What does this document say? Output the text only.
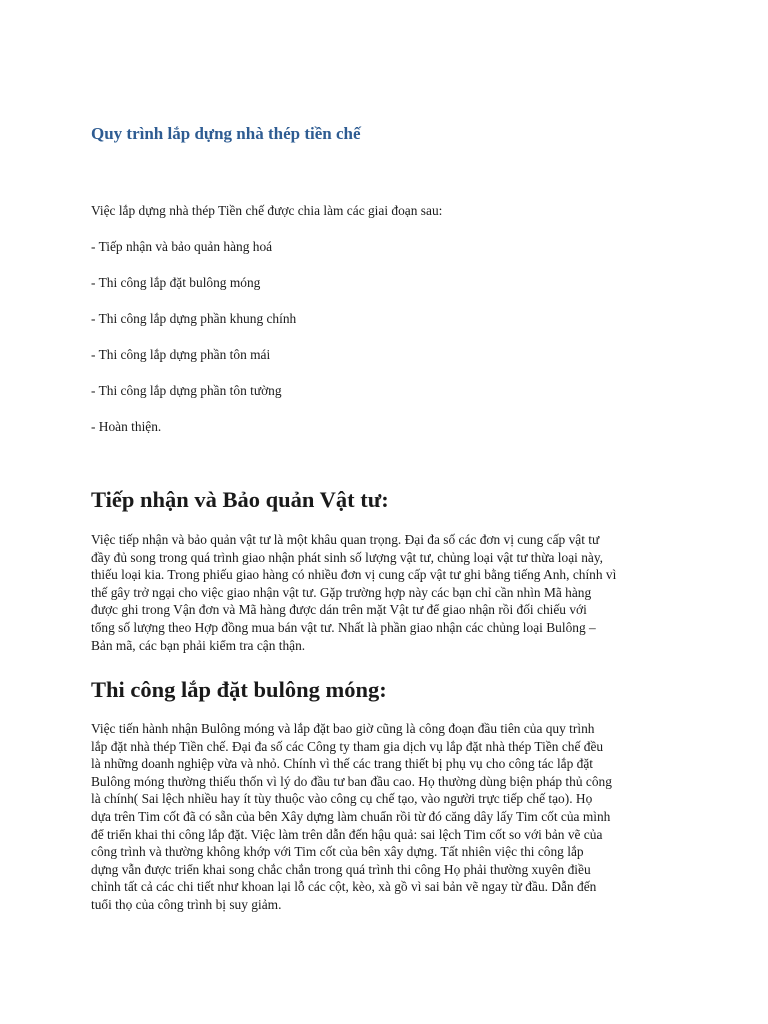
Quy trình lắp dựng nhà thép tiền chế

Việc lắp dựng nhà thép Tiền chế được chia làm các giai đoạn sau:

- Tiếp nhận và bảo quản hàng hoá
- Thi công lắp đặt bulông móng
- Thi công lắp dựng phần khung chính
- Thi công lắp dựng phần tôn mái
- Thi công lắp dựng phần tôn tường
- Hoàn thiện.
Tiếp nhận và Bảo quản Vật tư:

Việc tiếp nhận và bảo quản vật tư là một khâu quan trọng. Đại đa số các đơn vị cung cấp vật tư
đầy đủ song trong quá trình giao nhận phát sinh số lượng vật tư, chủng loại vật tư thừa loại này,
thiếu loại kia. Trong phiếu giao hàng có nhiều đơn vị cung cấp vật tư ghi bằng tiếng Anh, chính vì
thế gây trở ngại cho việc giao nhận vật tư. Gặp trường hợp này các bạn chỉ cần nhìn Mã hàng
được ghi trong Vận đơn và Mã hàng được dán trên mặt Vật tư để giao nhận rồi đối chiếu với
tổng số lượng theo Hợp đồng mua bán vật tư. Nhất là phần giao nhận các chủng loại Bulông –
Bản mã, các bạn phải kiểm tra cận thận.

Thi công lắp đặt bulông móng:

Việc tiến hành nhận Bulông móng và lắp đặt bao giờ cũng là công đoạn đầu tiên của quy trình
lắp đặt nhà thép Tiền chế. Đại đa số các Công ty tham gia dịch vụ lắp đặt nhà thép Tiền chế đều
là những doanh nghiệp vừa và nhỏ. Chính vì thế các trang thiết bị phụ vụ cho công tác lắp đặt
Bulông móng thường thiếu thốn vì lý do đầu tư ban đầu cao. Họ thường dùng biện pháp thủ công
là chính( Sai lệch nhiều hay ít tùy thuộc vào công cụ chế tạo, vào người trực tiếp chế tạo). Họ
dựa trên Tim cốt đã có sẵn của bên Xây dựng làm chuẩn rồi từ đó căng dây lấy Tim cốt của mình
để triển khai thi công lắp đặt. Việc làm trên dẫn đến hậu quả: sai lệch Tim cốt so với bản vẽ của
công trình và thường không khớp với Tim cốt của bên xây dựng. Tất nhiên việc thi công lắp
dựng vẫn được triển khai song chắc chắn trong quá trình thi công Họ phải thường xuyên điều
chỉnh tất cả các chi tiết như khoan lại lỗ các cột, kèo, xà gồ vì sai bản vẽ ngay từ đầu. Dẫn đến
tuổi thọ của công trình bị suy giảm.
